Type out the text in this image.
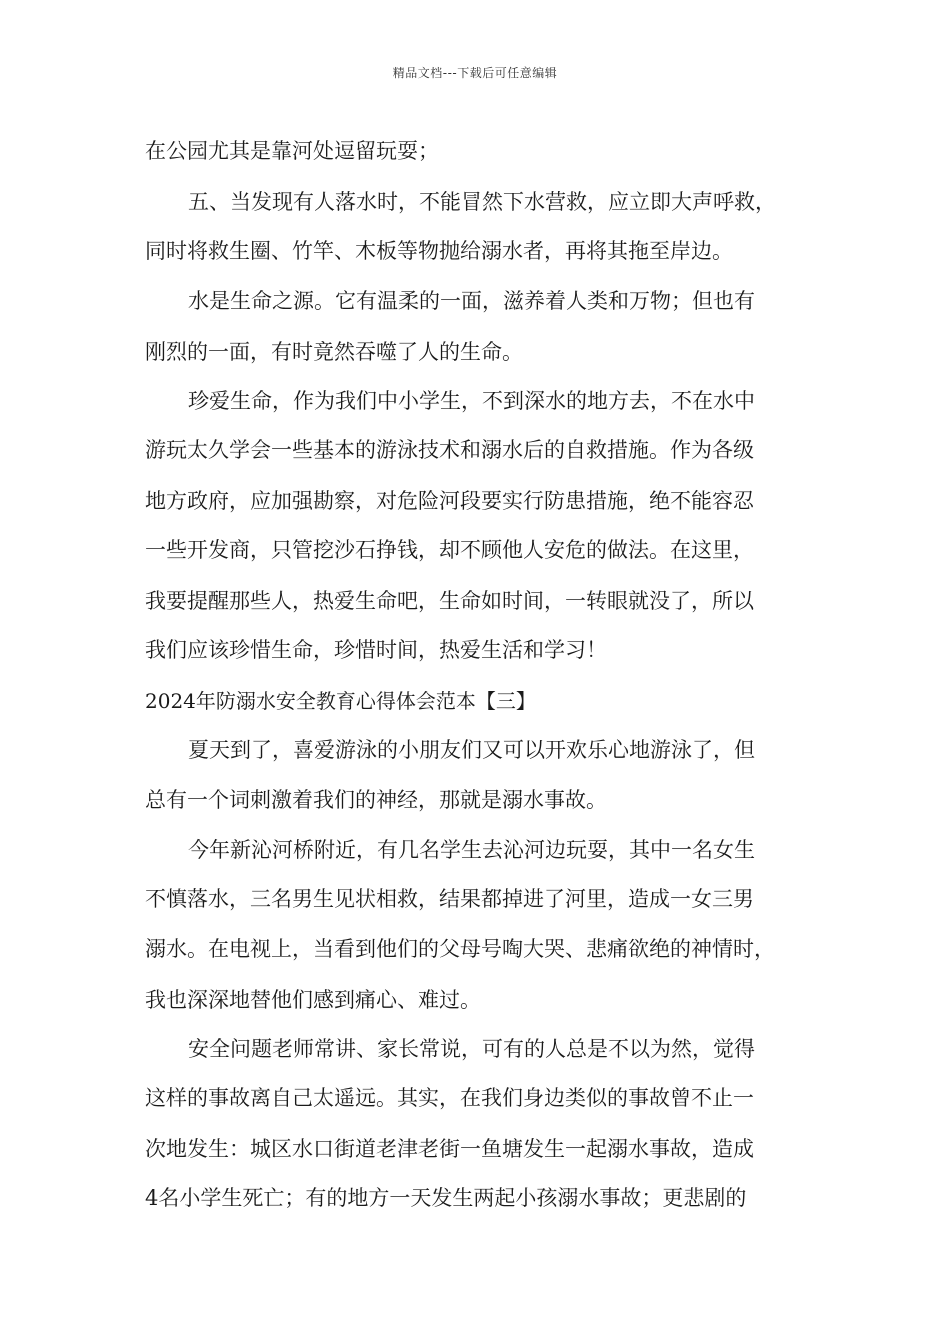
精品文档---下载后可任意编辑
在公园尤其是靠河处逗留玩耍；
五、当发现有人落水时，不能冒然下水营救，应立即大声呼救，
同时将救生圈、竹竿、木板等物抛给溺水者，再将其拖至岸边。
水是生命之源。它有温柔的一面，滋养着人类和万物；但也有
刚烈的一面，有时竟然吞噬了人的生命。
珍爱生命，作为我们中小学生，不到深水的地方去，不在水中
游玩太久学会一些基本的游泳技术和溺水后的自救措施。作为各级
地方政府，应加强勘察，对危险河段要实行防患措施，绝不能容忍
一些开发商，只管挖沙石挣钱，却不顾他人安危的做法。在这里，
我要提醒那些人，热爱生命吧，生命如时间，一转眼就没了，所以
我们应该珍惜生命，珍惜时间，热爱生活和学习！
2024年防溺水安全教育心得体会范本【三】
夏天到了，喜爱游泳的小朋友们又可以开欢乐心地游泳了，但
总有一个词刺激着我们的神经，那就是溺水事故。
今年新沁河桥附近，有几名学生去沁河边玩耍，其中一名女生
不慎落水，三名男生见状相救，结果都掉进了河里，造成一女三男
溺水。在电视上，当看到他们的父母号啕大哭、悲痛欲绝的神情时，
我也深深地替他们感到痛心、难过。
安全问题老师常讲、家长常说，可有的人总是不以为然，觉得
这样的事故离自己太遥远。其实，在我们身边类似的事故曾不止一
次地发生：城区水口街道老津老街一鱼塘发生一起溺水事故，造成
4名小学生死亡；有的地方一天发生两起小孩溺水事故；更悲剧的
